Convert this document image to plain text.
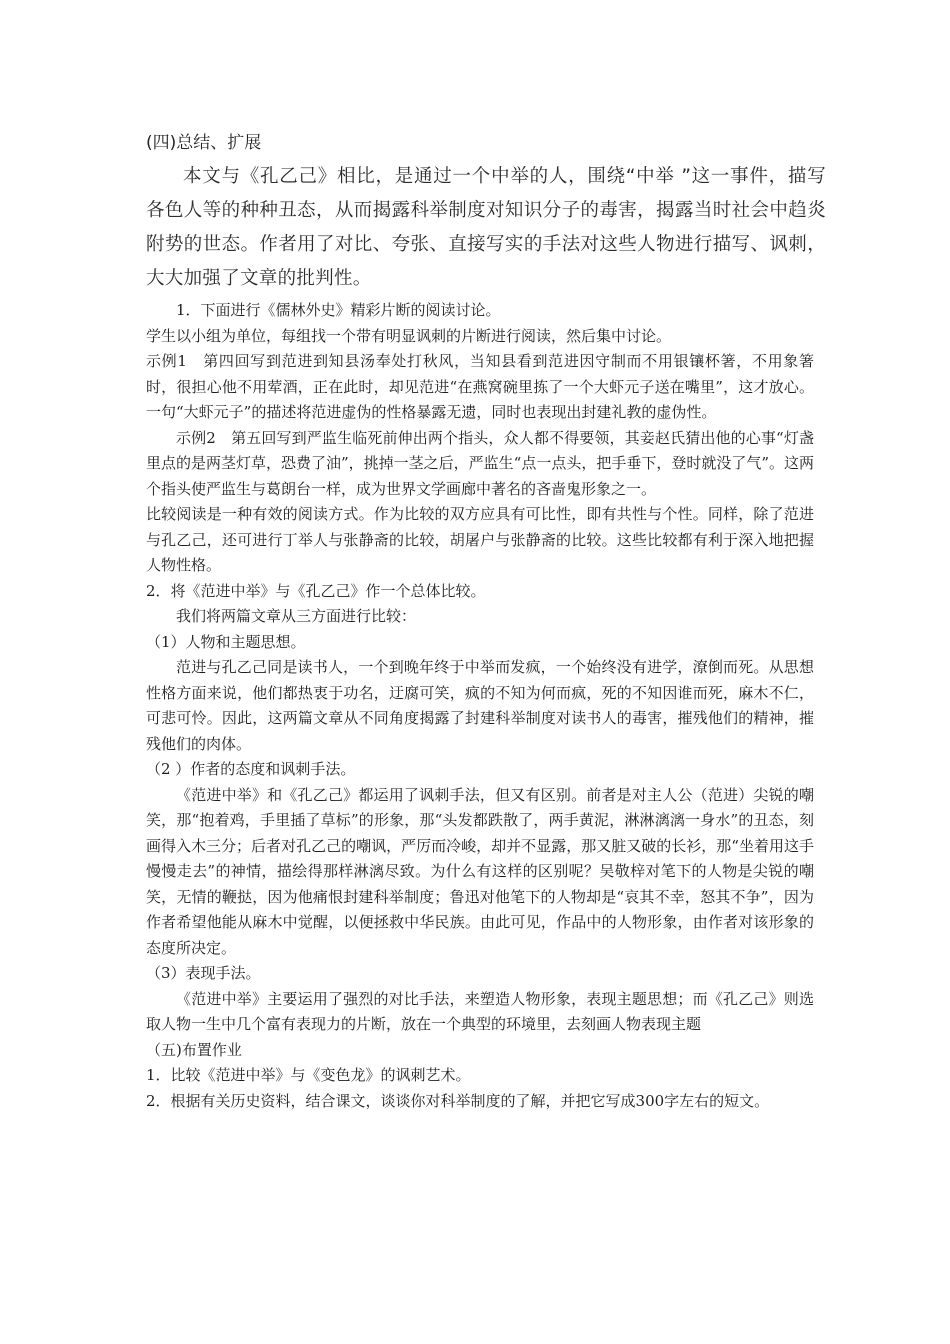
(四)总结、扩展
本文与《孔乙己》相比，是通过一个中举的人，围绕“中举 ”这一事件，描写各色人等的种种丑态，从而揭露科举制度对知识分子的毒害，揭露当时社会中趋炎附势的世态。作者用了对比、夸张、直接写实的手法对这些人物进行描写、讽刺，大大加强了文章的批判性。

1．下面进行《儒林外史》精彩片断的阅读讨论。

学生以小组为单位，每组找一个带有明显讽刺的片断进行阅读，然后集中讨论。

示例1　第四回写到范进到知县汤奉处打秋风，当知县看到范进因守制而不用银镶杯箸，不用象箸时，很担心他不用荤酒，正在此时，却见范进“在燕窝碗里拣了一个大虾元子送在嘴里”，这才放心。一句“大虾元子”的描述将范进虚伪的性格暴露无遗，同时也表现出封建礼教的虚伪性。

示例2　第五回写到严监生临死前伸出两个指头，众人都不得要领，其妾赵氏猜出他的心事“灯盏里点的是两茎灯草，恐费了油”，挑掉一茎之后，严监生“点一点头，把手垂下，登时就没了气”。这两个指头使严监生与葛朗台一样，成为世界文学画廊中著名的吝啬鬼形象之一。

比较阅读是一种有效的阅读方式。作为比较的双方应具有可比性，即有共性与个性。同样，除了范进与孔乙己，还可进行丁举人与张静斋的比较，胡屠户与张静斋的比较。这些比较都有利于深入地把握人物性格。

2．将《范进中举》与《孔乙己》作一个总体比较。

我们将两篇文章从三方面进行比较：

（1）人物和主题思想。

范进与孔乙己同是读书人，一个到晚年终于中举而发疯，一个始终没有进学，潦倒而死。从思想性格方面来说，他们都热衷于功名，迂腐可笑，疯的不知为何而疯，死的不知因谁而死，麻木不仁，可悲可怜。因此，这两篇文章从不同角度揭露了封建科举制度对读书人的毒害，摧残他们的精神，摧残他们的肉体。

（2 ）作者的态度和讽刺手法。

《范进中举》和《孔乙己》都运用了讽刺手法，但又有区别。前者是对主人公（范进）尖锐的嘲笑，那“抱着鸡，手里插了草标”的形象，那“头发都跌散了，两手黄泥，淋淋漓漓一身水”的丑态，刻画得入木三分；后者对孔乙己的嘲讽，严厉而冷峻，却并不显露，那又脏又破的长衫，那“坐着用这手慢慢走去”的神情，描绘得那样淋漓尽致。为什么有这样的区别呢？吴敬梓对笔下的人物是尖锐的嘲笑，无情的鞭挞，因为他痛恨封建科举制度；鲁迅对他笔下的人物却是“哀其不幸，怒其不争”，因为作者希望他能从麻木中觉醒，以便拯救中华民族。由此可见，作品中的人物形象，由作者对该形象的态度所决定。

（3）表现手法。

《范进中举》主要运用了强烈的对比手法，来塑造人物形象，表现主题思想；而《孔乙己》则选取人物一生中几个富有表现力的片断，放在一个典型的环境里，去刻画人物表现主题

（五)布置作业

1．比较《范进中举》与《变色龙》的讽刺艺术。

2．根据有关历史资料，结合课文，谈谈你对科举制度的了解，并把它写成300字左右的短文。
